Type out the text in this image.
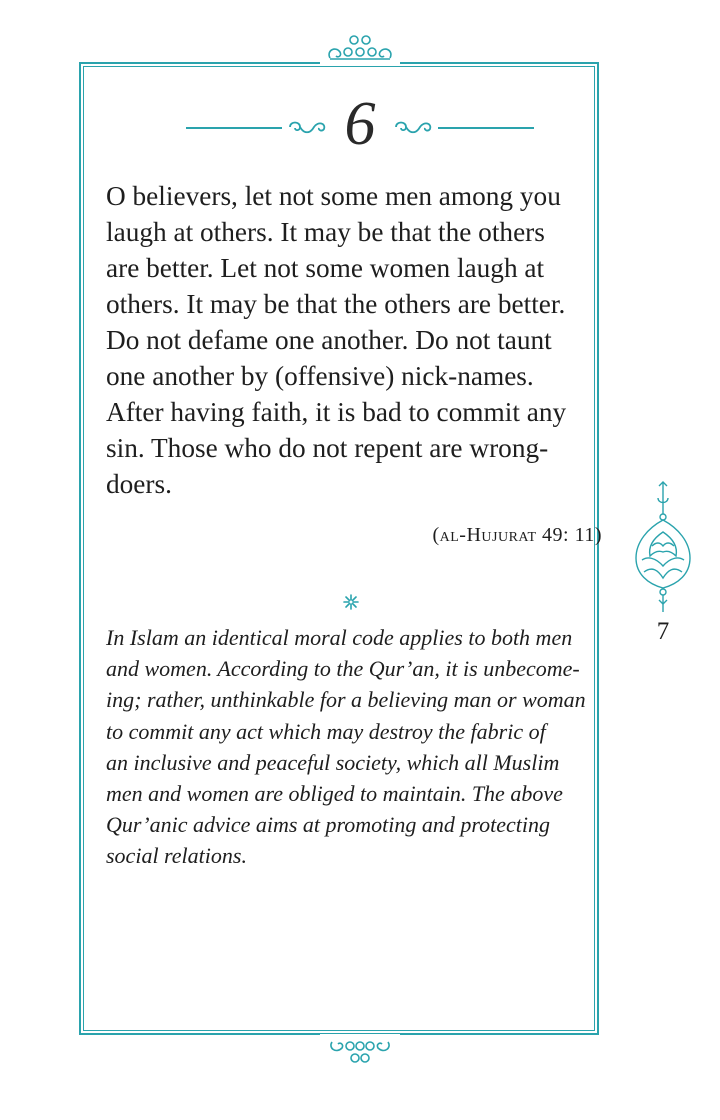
6
O believers, let not some men among you
laugh at others. It may be that the others
are better. Let not some women laugh at
others. It may be that the others are better.
Do not defame one another. Do not taunt
one another by (offensive) nick-names.
After having faith, it is bad to commit any
sin. Those who do not repent are wrong-
doers.
(al-Hujurat 49: 11)
In Islam an identical moral code applies to both men
and women. According to the Qur’an, it is unbecome-
ing; rather, unthinkable for a believing man or woman
to commit any act which may destroy the fabric of
an inclusive and peaceful society, which all Muslim
men and women are obliged to maintain. The above
Qur’anic advice aims at promoting and protecting
social relations.
7
